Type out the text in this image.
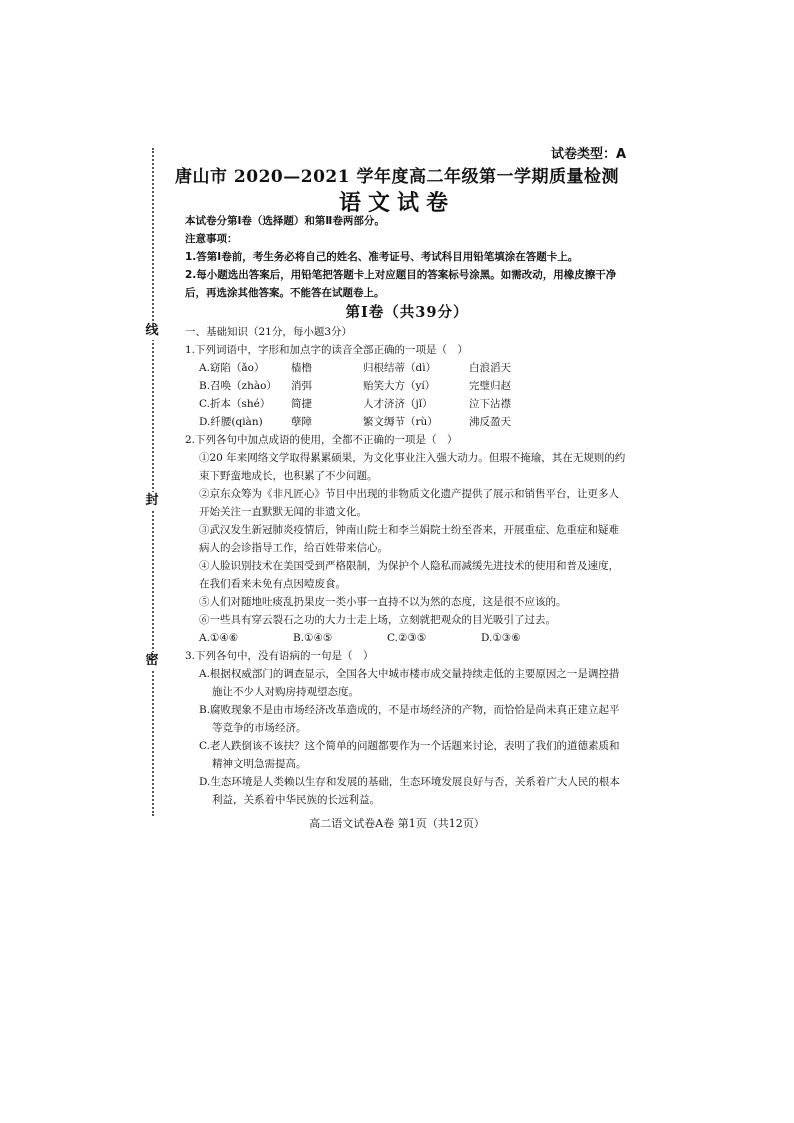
线
封
密
试卷类型：A
唐山市 2020—2021 学年度高二年级第一学期质量检测
语文试卷

本试卷分第Ⅰ卷（选择题）和第Ⅱ卷两部分。

注意事项：

1.答第Ⅰ卷前，考生务必将自己的姓名、准考证号、考试科目用铅笔填涂在答题卡上。

2.每小题选出答案后，用铅笔把答题卡上对应题目的答案标号涂黑。如需改动，用橡皮擦干净后，再选涂其他答案。不能答在试题卷上。

第Ⅰ卷（共39分）

一、基础知识（21分，每小题3分）

1.下列词语中，字形和加点字的读音全部正确的一项是（　）

A.窈陷（ǎo）	樯橹	归根结蒂（dì）	白浪滔天
B.召唤（zhào）	消弭	贻笑大方（yí）	完璧归赵
C.折本（shé）	简捷	人才济济（jǐ）	泣下沾襟
D.纤腰(qiàn)	孽障	繁文缛节（rù）	沸反盈天

2.下列各句中加点成语的使用，全都不正确的一项是（　）

①20 年来网络文学取得累累硕果，为文化事业注入强大动力。但瑕不掩瑜，其在无规则的约束下野蛮地成长，也积累了不少问题。

②京东众筹为《非凡匠心》节目中出现的非物质文化遗产提供了展示和销售平台，让更多人开始关注一直默默无闻的非遗文化。

③武汉发生新冠肺炎疫情后，钟南山院士和李兰娟院士纷至沓来，开展重症、危重症和疑难病人的会诊指导工作，给百姓带来信心。

④人脸识别技术在美国受到严格限制，为保护个人隐私而减缓先进技术的使用和普及速度，在我们看来未免有点因噎废食。

⑤人们对随地吐痰乱扔果皮一类小事一直持不以为然的态度，这是很不应该的。

⑥一些具有穿云裂石之功的大力士走上场，立刻就把观众的目光吸引了过去。

A.①④⑥	B.①④⑤	C.②③⑤	D.①③⑥

3.下列各句中，没有语病的一句是（　）

A.根据权威部门的调查显示，全国各大中城市楼市成交量持续走低的主要原因之一是调控措施让不少人对购房持观望态度。

B.腐败现象不是由市场经济改革造成的，不是市场经济的产物，而恰恰是尚未真正建立起平等竞争的市场经济。

C.老人跌倒该不该扶？这个简单的问题都要作为一个话题来讨论，表明了我们的道德素质和精神文明急需提高。

D.生态环境是人类赖以生存和发展的基础，生态环境发展良好与否，关系着广大人民的根本利益，关系着中华民族的长远利益。

高二语文试卷A卷 第1页（共12页）
